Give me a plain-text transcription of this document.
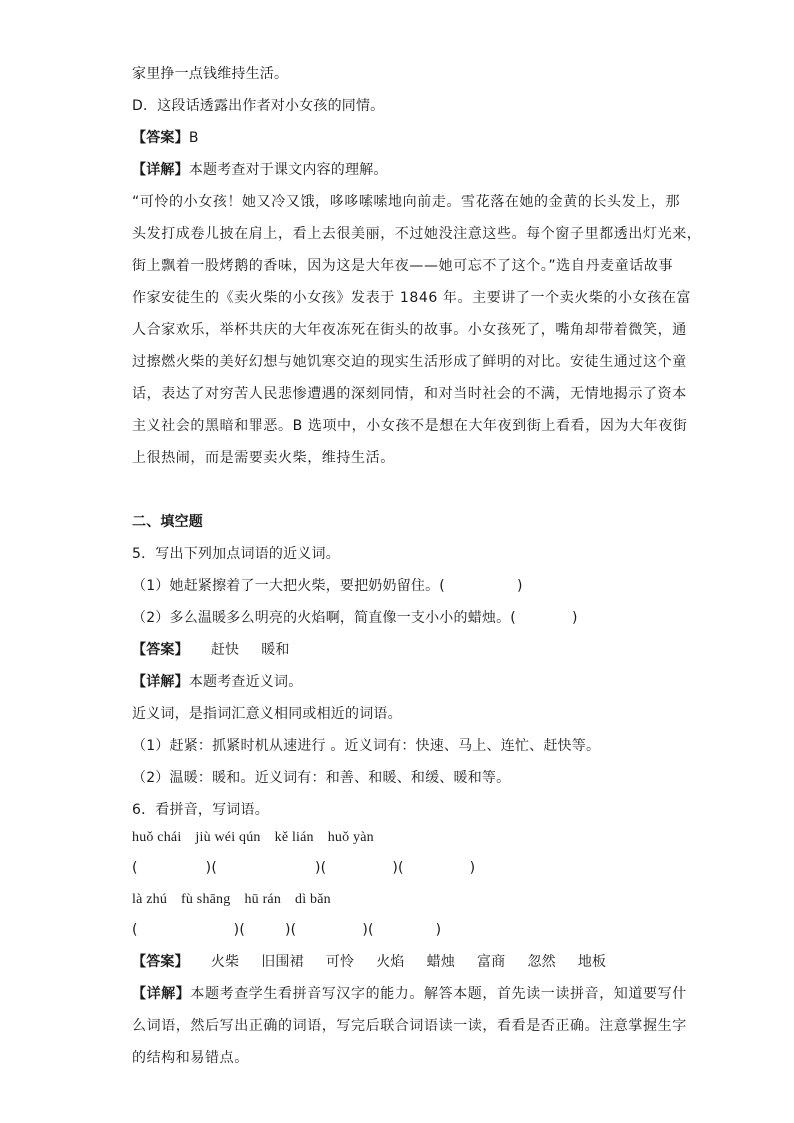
家里挣一点钱维持生活。
D．这段话透露出作者对小女孩的同情。
【答案】B
【详解】本题考查对于课文内容的理解。
“可怜的小女孩！她又冷又饿，哆哆嗦嗦地向前走。雪花落在她的金黄的长头发上，那
头发打成卷儿披在肩上，看上去很美丽，不过她没注意这些。每个窗子里都透出灯光来，
街上飘着一股烤鹅的香味，因为这是大年夜——她可忘不了这个。”选自丹麦童话故事
作家安徒生的《卖火柴的小女孩》发表于 1846 年。主要讲了一个卖火柴的小女孩在富
人合家欢乐，举杯共庆的大年夜冻死在街头的故事。小女孩死了，嘴角却带着微笑，通
过擦燃火柴的美好幻想与她饥寒交迫的现实生活形成了鲜明的对比。安徒生通过这个童
话，表达了对穷苦人民悲惨遭遇的深刻同情，和对当时社会的不满，无情地揭示了资本
主义社会的黑暗和罪恶。B 选项中，小女孩不是想在大年夜到街上看看，因为大年夜街
上很热闹，而是需要卖火柴，维持生活。
二、填空题
5．写出下列加点词语的近义词。
（1）她赶紧擦着了一大把火柴，要把奶奶留住。(	)
（2）多么温暖多么明亮的火焰啊，简直像一支小小的蜡烛。(	)
【答案】 赶快 暖和
【详解】本题考查近义词。
近义词，是指词汇意义相同或相近的词语。
（1）赶紧：抓紧时机从速进行 。近义词有：快速、马上、连忙、赶快等。
（2）温暖：暖和。近义词有：和善、和暖、和缓、暖和等。
6．看拼音，写词语。
huǒ chái jiù wéi qún kě lián huǒ yàn
(	)(	)(	)(	)
là zhú fù shāng hū rán dì bǎn
(	)(	)(	)(	)
【答案】 火柴 旧围裙 可怜 火焰 蜡烛 富商 忽然 地板
【详解】本题考查学生看拼音写汉字的能力。解答本题，首先读一读拼音，知道要写什
么词语，然后写出正确的词语，写完后联合词语读一读，看看是否正确。注意掌握生字
的结构和易错点。
